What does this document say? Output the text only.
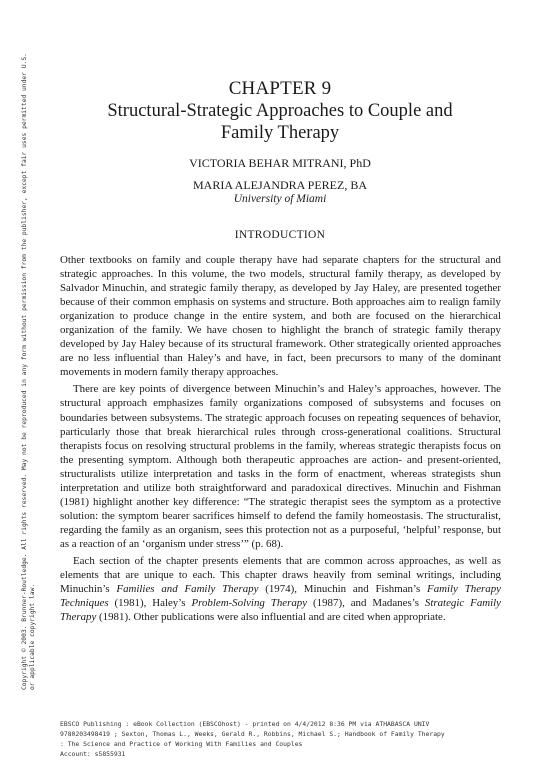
Copyright © 2003. Brunner-Routledge. All rights reserved. May not be reproduced in any form without permission from the publisher, except fair uses permitted under U.S. or applicable copyright law.
CHAPTER 9
Structural-Strategic Approaches to Couple and
Family Therapy
VICTORIA BEHAR MITRANI, PhD
MARIA ALEJANDRA PEREZ, BA
University of Miami
INTRODUCTION

Other textbooks on family and couple therapy have had separate chapters for the structural and strategic approaches. In this volume, the two models, structural family therapy, as developed by Salvador Minuchin, and strategic family therapy, as developed by Jay Haley, are presented together because of their common emphasis on systems and structure. Both approaches aim to realign family organization to produce change in the entire system, and both are focused on the hierarchical organization of the family. We have chosen to highlight the branch of strategic family therapy developed by Jay Haley because of its structural framework. Other strategically oriented approaches are no less influential than Haley’s and have, in fact, been precursors to many of the dominant movements in modern family therapy approaches.

There are key points of divergence between Minuchin’s and Haley’s approaches, however. The structural approach emphasizes family organizations composed of subsystems and focuses on boundaries between subsystems. The strategic approach focuses on repeating sequences of behavior, particularly those that break hierarchical rules through cross-generational coalitions. Structural therapists focus on resolving structural problems in the family, whereas strategic therapists focus on the presenting symptom. Although both therapeutic approaches are action- and present-oriented, structuralists utilize interpretation and tasks in the form of enactment, whereas strategists shun interpretation and utilize both straightforward and paradoxical directives. Minuchin and Fishman (1981) highlight another key difference: “The strategic therapist sees the symptom as a protective solution: the symptom bearer sacrifices himself to defend the family homeostasis. The structuralist, regarding the family as an organism, sees this protection not as a purposeful, ‘helpful’ response, but as a reaction of an ‘organism under stress’” (p. 68).

Each section of the chapter presents elements that are common across approaches, as well as elements that are unique to each. This chapter draws heavily from seminal writings, including Minuchin’s Families and Family Therapy (1974), Minuchin and Fishman’s Family Therapy Techniques (1981), Haley’s Problem-Solving Therapy (1987), and Madanes’s Strategic Family Therapy (1981). Other publications were also influential and are cited when appropriate.

EBSCO Publishing : eBook Collection (EBSCOhost) - printed on 4/4/2012 8:36 PM via ATHABASCA UNIV
9780203498419 ; Sexton, Thomas L., Weeks, Gerald R., Robbins, Michael S.; Handbook of Family Therapy
: The Science and Practice of Working With Families and Couples
Account: s5855931
